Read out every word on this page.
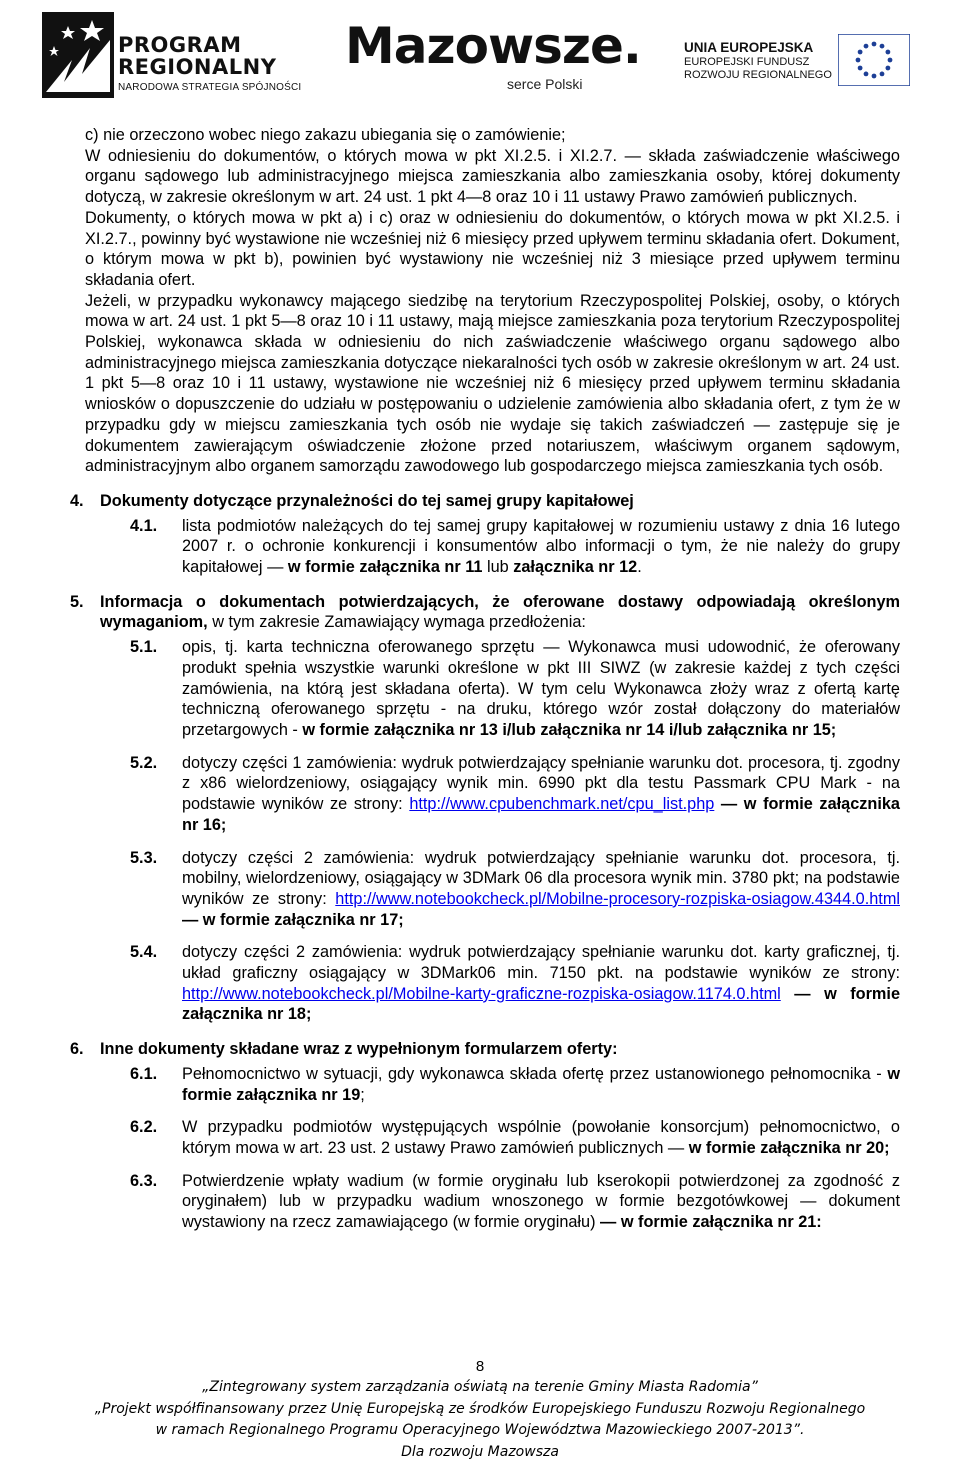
PROGRAM
REGIONALNY
NARODOWA STRATEGIA SPÓJNOŚCI
Mazowsze.
serce Polski
UNIA EUROPEJSKA
EUROPEJSKI FUNDUSZ
ROZWOJU REGIONALNEGO

c) nie orzeczono wobec niego zakazu ubiegania się o zamówienie;

W odniesieniu do dokumentów, o których mowa w pkt XI.2.5. i XI.2.7. — składa zaświadczenie właściwego organu sądowego lub administracyjnego miejsca zamieszkania albo zamieszkania osoby, której dokumenty dotyczą, w zakresie określonym w art. 24 ust. 1 pkt 4—8 oraz 10 i 11 ustawy Prawo zamówień publicznych.

Dokumenty, o których mowa w pkt a) i c) oraz w odniesieniu do dokumentów, o których mowa w pkt XI.2.5. i XI.2.7., powinny być wystawione nie wcześniej niż 6 miesięcy przed upływem terminu składania ofert. Dokument, o którym mowa w pkt b), powinien być wystawiony nie wcześniej niż 3 miesiące przed upływem terminu składania ofert.

Jeżeli, w przypadku wykonawcy mającego siedzibę na terytorium Rzeczypospolitej Polskiej, osoby, o których mowa w art. 24 ust. 1 pkt 5—8 oraz 10 i 11 ustawy, mają miejsce zamieszkania poza terytorium Rzeczypospolitej Polskiej, wykonawca składa w odniesieniu do nich zaświadczenie właściwego organu sądowego albo administracyjnego miejsca zamieszkania dotyczące niekaralności tych osób w zakresie określonym w art. 24 ust. 1 pkt 5—8 oraz 10 i 11 ustawy, wystawione nie wcześniej niż 6 miesięcy przed upływem terminu składania wniosków o dopuszczenie do udziału w postępowaniu o udzielenie zamówienia albo składania ofert, z tym że w przypadku gdy w miejscu zamieszkania tych osób nie wydaje się takich zaświadczeń — zastępuje się je dokumentem zawierającym oświadczenie złożone przed notariuszem, właściwym organem sądowym, administracyjnym albo organem samorządu zawodowego lub gospodarczego miejsca zamieszkania tych osób.

4.	Dokumenty dotyczące przynależności do tej samej grupy kapitałowej
4.1.	lista podmiotów należących do tej samej grupy kapitałowej w rozumieniu ustawy z dnia 16 lutego 2007 r. o ochronie konkurencji i konsumentów albo informacji o tym, że nie należy do grupy kapitałowej — w formie załącznika nr 11 lub załącznika nr 12.
5.	Informacja o dokumentach potwierdzających, że oferowane dostawy odpowiadają określonym wymaganiom, w tym zakresie Zamawiający wymaga przedłożenia:
5.1.	opis, tj. karta techniczna oferowanego sprzętu — Wykonawca musi udowodnić, że oferowany produkt spełnia wszystkie warunki określone w pkt III SIWZ (w zakresie każdej z tych części zamówienia, na którą jest składana oferta). W tym celu Wykonawca złoży wraz z ofertą kartę techniczną oferowanego sprzętu - na druku, którego wzór został dołączony do materiałów przetargowych - w formie załącznika nr 13 i/lub załącznika nr 14 i/lub załącznika nr 15;
5.2.	dotyczy części 1 zamówienia: wydruk potwierdzający spełnianie warunku dot. procesora, tj. zgodny z x86 wielordzeniowy, osiągający wynik min. 6990 pkt dla testu Passmark CPU Mark - na podstawie wyników ze strony: http://www.cpubenchmark.net/cpu_list.php — w formie załącznika nr 16;
5.3.	dotyczy części 2 zamówienia: wydruk potwierdzający spełnianie warunku dot. procesora, tj. mobilny, wielordzeniowy, osiągający w 3DMark 06 dla procesora wynik min. 3780 pkt; na podstawie wyników ze strony: http://www.notebookcheck.pl/Mobilne-procesory-rozpiska-osiagow.4344.0.html — w formie załącznika nr 17;
5.4.	dotyczy części 2 zamówienia: wydruk potwierdzający spełnianie warunku dot. karty graficznej, tj. układ graficzny osiągający w 3DMark06 min. 7150 pkt. na podstawie wyników ze strony: http://www.notebookcheck.pl/Mobilne-karty-graficzne-rozpiska-osiagow.1174.0.html — w formie załącznika nr 18;
6.	Inne dokumenty składane wraz z wypełnionym formularzem oferty:
6.1.	Pełnomocnictwo w sytuacji, gdy wykonawca składa ofertę przez ustanowionego pełnomocnika - w formie załącznika nr 19;
6.2.	W przypadku podmiotów występujących wspólnie (powołanie konsorcjum) pełnomocnictwo, o którym mowa w art. 23 ust. 2 ustawy Prawo zamówień publicznych — w formie załącznika nr 20;
6.3.	Potwierdzenie wpłaty wadium (w formie oryginału lub kserokopii potwierdzonej za zgodność z oryginałem) lub w przypadku wadium wnoszonego w formie bezgotówkowej — dokument wystawiony na rzecz zamawiającego (w formie oryginału) — w formie załącznika nr 21:
8
„Zintegrowany system zarządzania oświatą na terenie Gminy Miasta Radomia”
„Projekt współfinansowany przez Unię Europejską ze środków Europejskiego Funduszu Rozwoju Regionalnego
w ramach Regionalnego Programu Operacyjnego Województwa Mazowieckiego 2007-2013”.
Dla rozwoju Mazowsza
